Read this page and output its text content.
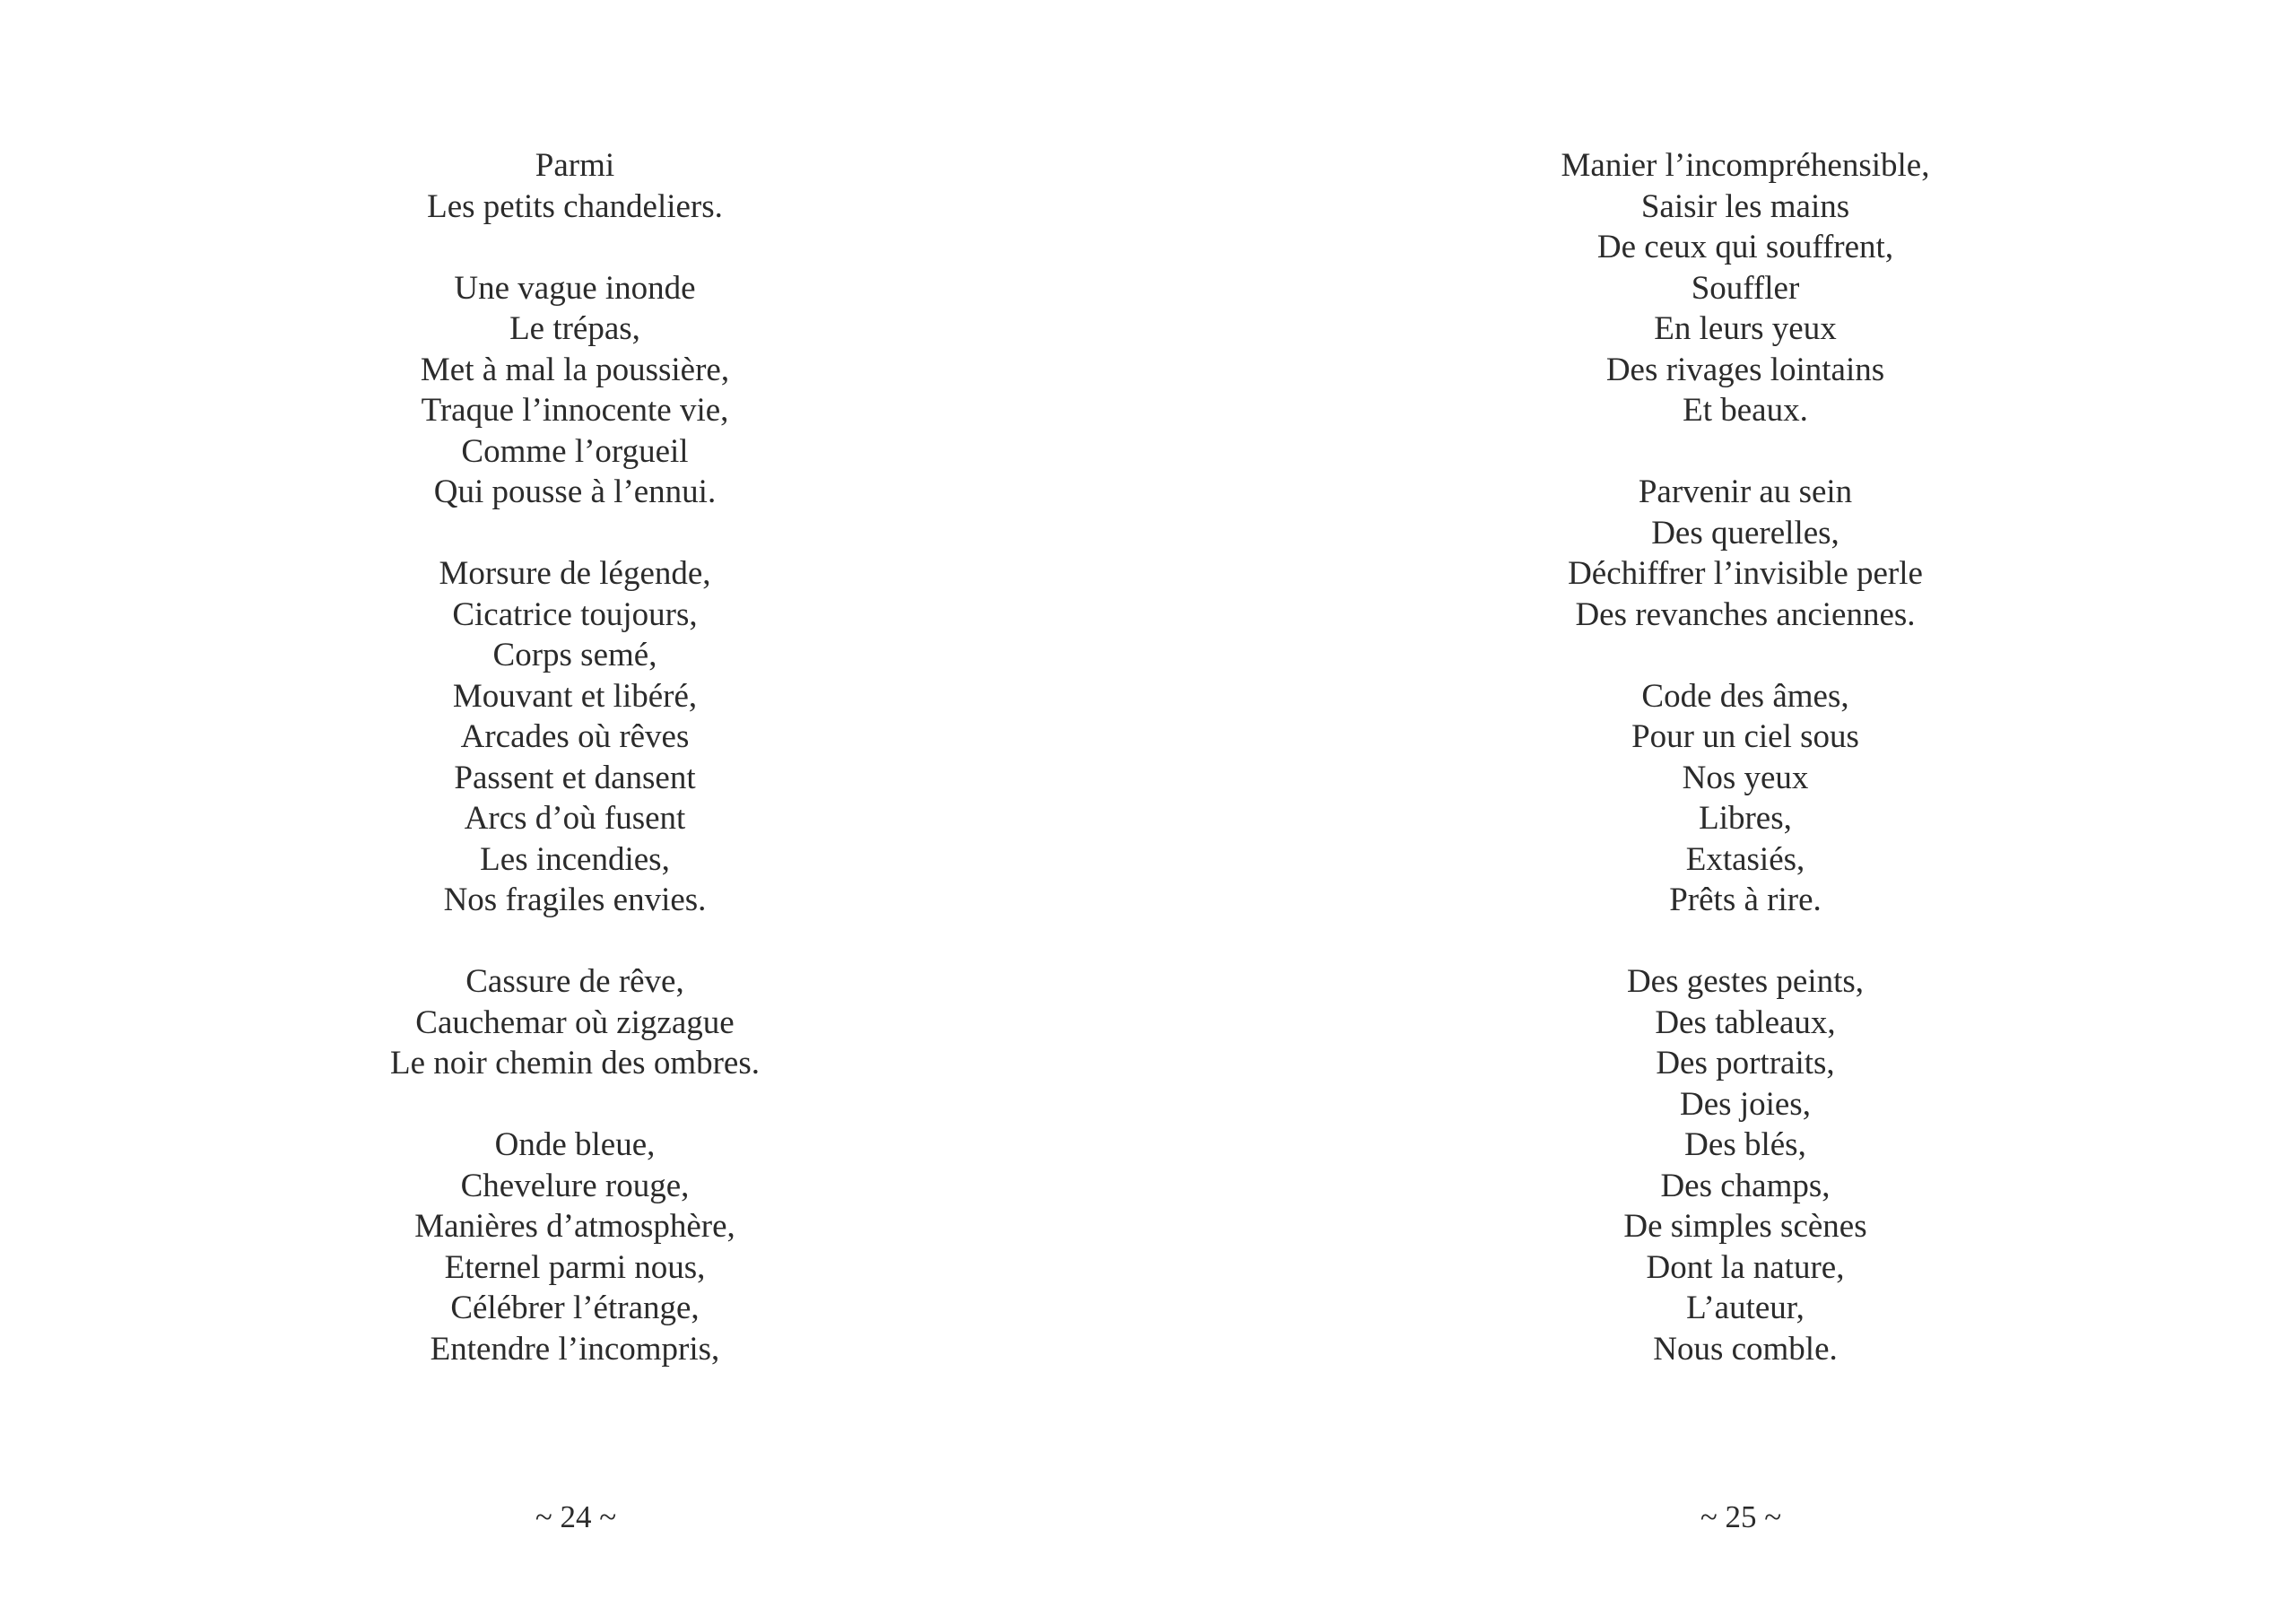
Parmi
Les petits chandeliers.
Une vague inonde
Le trépas,
Met à mal la poussière,
Traque l’innocente vie,
Comme l’orgueil
Qui pousse à l’ennui.
Morsure de légende,
Cicatrice toujours,
Corps semé,
Mouvant et libéré,
Arcades où rêves
Passent et dansent
Arcs d’où fusent
Les incendies,
Nos fragiles envies.
Cassure de rêve,
Cauchemar où zigzague
Le noir chemin des ombres.
Onde bleue,
Chevelure rouge,
Manières d’atmosphère,
Eternel parmi nous,
Célébrer l’étrange,
Entendre l’incompris,
~ 24 ~
Manier l’incompréhensible,
Saisir les mains
De ceux qui souffrent,
Souffler
En leurs yeux
Des rivages lointains
Et beaux.
Parvenir au sein
Des querelles,
Déchiffrer l’invisible perle
Des revanches anciennes.
Code des âmes,
Pour un ciel sous
Nos yeux
Libres,
Extasiés,
Prêts à rire.
Des gestes peints,
Des tableaux,
Des portraits,
Des joies,
Des blés,
Des champs,
De simples scènes
Dont la nature,
L’auteur,
Nous comble.
~ 25 ~
